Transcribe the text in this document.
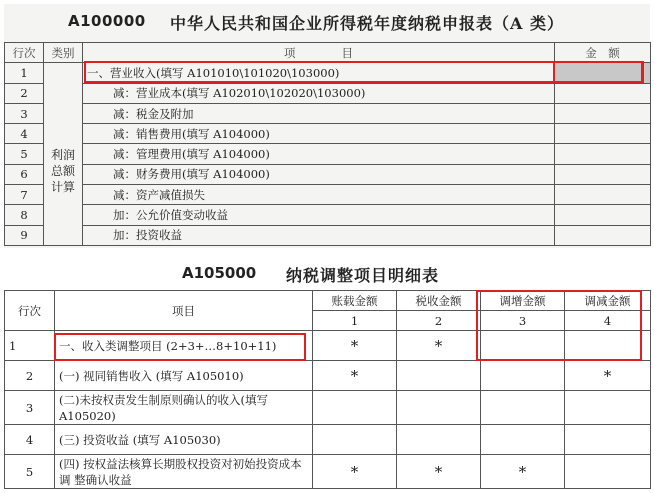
A100000 中华人民共和国企业所得税年度纳税申报表（A 类）
行次	类别	项　　　　目	金　额
1	利润总额计算	一、营业收入(填写 A101010\101020\103000)	
2		减：营业成本(填写 A102010\102020\103000)	
3		减：税金及附加	
4		减：销售费用(填写 A104000)	
5		减：管理费用(填写 A104000)	
6		减：财务费用(填写 A104000)	
7		减：资产减值损失	
8		加：公允价值变动收益	
9		加：投资收益	
A105000 纳税调整项目明细表
行次	项目	账载金额	税收金额	调增金额	调减金额
		1	2	3	4
1	一、收入类调整项目 (2+3+…8+10+11)	*	*		
2	(一) 视同销售收入 (填写 A105010)	*			*
3	(二)未按权责发生制原则确认的收入(填写A105020)				
4	(三) 投资收益 (填写 A105030)				
5	(四) 按权益法核算长期股权投资对初始投资成本调 整确认收益	*	*	*	
